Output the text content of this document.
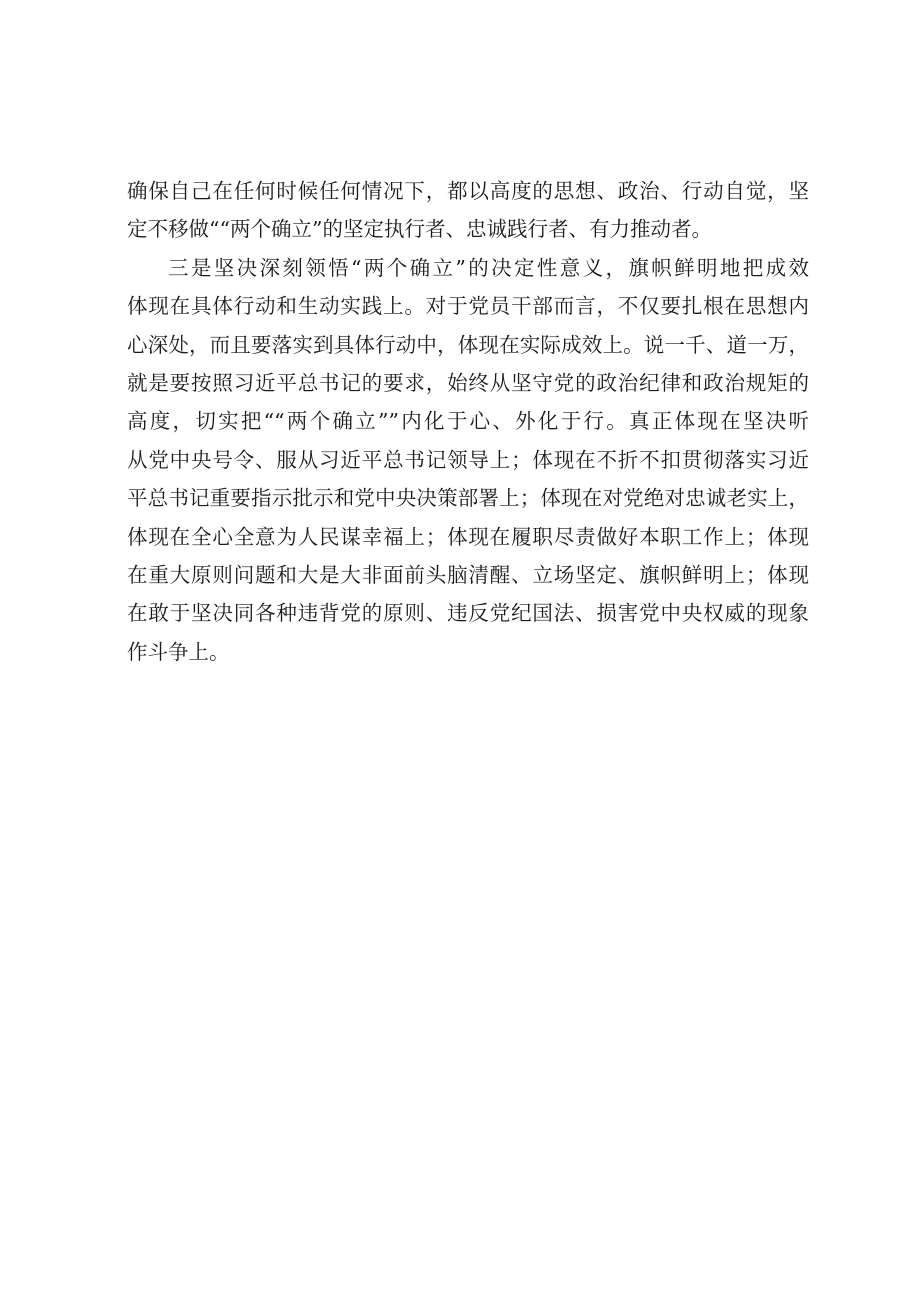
确保自己在任何时候任何情况下，都以高度的思想、政治、行动自觉，坚
定不移做““两个确立”的坚定执行者、忠诚践行者、有力推动者。
三是坚决深刻领悟“两个确立”的决定性意义，旗帜鲜明地把成效
体现在具体行动和生动实践上。对于党员干部而言，不仅要扎根在思想内
心深处，而且要落实到具体行动中，体现在实际成效上。说一千、道一万，
就是要按照习近平总书记的要求，始终从坚守党的政治纪律和政治规矩的
高度，切实把““两个确立””内化于心、外化于行。真正体现在坚决听
从党中央号令、服从习近平总书记领导上；体现在不折不扣贯彻落实习近
平总书记重要指示批示和党中央决策部署上；体现在对党绝对忠诚老实上，
体现在全心全意为人民谋幸福上；体现在履职尽责做好本职工作上；体现
在重大原则问题和大是大非面前头脑清醒、立场坚定、旗帜鲜明上；体现
在敢于坚决同各种违背党的原则、违反党纪国法、损害党中央权威的现象
作斗争上。
